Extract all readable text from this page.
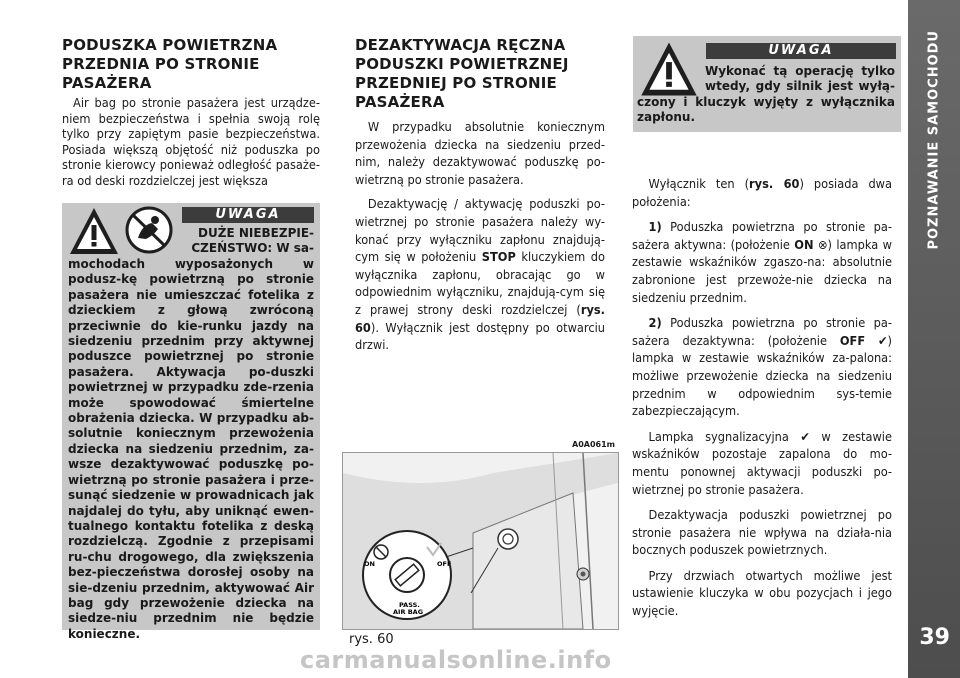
POZNAWANIE SAMOCHODU
39
PODUSZKA POWIETRZNA PRZEDNIA PO STRONIE PASAŻERA

Air bag po stronie pasażera jest urządze-niem bezpieczeństwa i spełnia swoją rolę tylko przy zapiętym pasie bezpieczeństwa. Posiada większą objętość niż poduszka po stronie kierowcy ponieważ odległość pasaże-ra od deski rozdzielczej jest większa

UWAGA

DUŻE NIEBEZPIE-CZEŃSTWO: W sa-

mochodach wyposażonych w podusz-kę powietrzną po stronie pasażera nie umieszczać fotelika z dzieckiem z głową zwróconą przeciwnie do kie-runku jazdy na siedzeniu przednim przy aktywnej poduszce powietrznej po stronie pasażera. Aktywacja po-duszki powietrznej w przypadku zde-rzenia może spowodować śmiertelne obrażenia dziecka. W przypadku ab-solutnie koniecznym przewożenia dziecka na siedzeniu przednim, za-wsze dezaktywować poduszkę po-wietrzną po stronie pasażera i prze-sunąć siedzenie w prowadnicach jak najdalej do tyłu, aby uniknąć ewen-tualnego kontaktu fotelika z deską rozdzielczą. Zgodnie z przepisami ru-chu drogowego, dla zwiększenia bez-pieczeństwa dorosłej osoby na sie-dzeniu przednim, aktywować Air bag gdy przewożenie dziecka na siedze-niu przednim nie będzie konieczne.

DEZAKTYWACJA RĘCZNA PODUSZKI POWIETRZNEJ PRZEDNIEJ PO STRONIE PASAŻERA

W przypadku absolutnie koniecznym przewożenia dziecka na siedzeniu przed-nim, należy dezaktywować poduszkę po-wietrzną po stronie pasażera.

Dezaktywację / aktywację poduszki po-wietrznej po stronie pasażera należy wy-konać przy wyłączniku zapłonu znajdują-cym się w położeniu STOP kluczykiem do wyłącznika zapłonu, obracając go w odpowiednim wyłączniku, znajdują-cym się z prawej strony deski rozdzielczej (rys. 60). Wyłącznik jest dostępny po otwarciu drzwi.

A0A061m
ON	OFF
PASS.
AIR BAG
rys. 60
UWAGA

Wykonać tą operację tylko wtedy, gdy silnik jest wyłą-czony i kluczyk wyjęty z wyłącznika zapłonu.

Wyłącznik ten (rys. 60) posiada dwa położenia:

1) Poduszka powietrzna po stronie pa-sażera aktywna: (położenie ON ⊗) lampka w zestawie wskaźników zgaszo-na: absolutnie zabronione jest przewoże-nie dziecka na siedzeniu przednim.

2) Poduszka powietrzna po stronie pa-sażera dezaktywna: (położenie OFF ✔) lampka w zestawie wskaźników za-palona: możliwe przewożenie dziecka na siedzeniu przednim w odpowiednim sys-temie zabezpieczającym.

Lampka sygnalizacyjna ✔ w zestawie wskaźników pozostaje zapalona do mo-mentu ponownej aktywacji poduszki po-wietrznej po stronie pasażera.

Dezaktywacja poduszki powietrznej po stronie pasażera nie wpływa na działa-nia bocznych poduszek powietrznych.

Przy drzwiach otwartych możliwe jest ustawienie kluczyka w obu pozycjach i jego wyjęcie.

carmanualsonline.info
